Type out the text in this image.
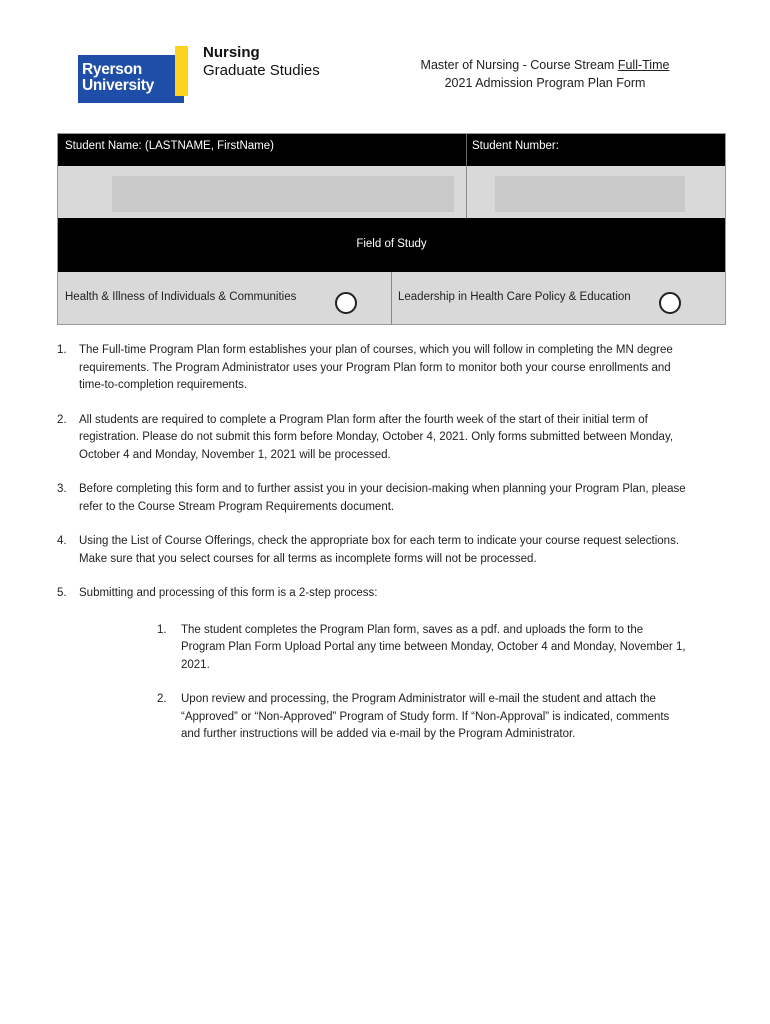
Ryerson
University
Nursing
Graduate Studies	Master of Nursing - Course Stream Full-Time
2021 Admission Program Plan Form
Student Name: (LASTNAME, FirstName)	Student Number:
Field of Study
Health & Illness of Individuals & Communities	Leadership in Health Care Policy & Education
1. The Full-time Program Plan form establishes your plan of courses, which you will follow in completing the MN degree requirements. The Program Administrator uses your Program Plan form to monitor both your course enrollments and time-to-completion requirements.
2. All students are required to complete a Program Plan form after the fourth week of the start of their initial term of registration. Please do not submit this form before Monday, October 4, 2021. Only forms submitted between Monday, October 4 and Monday, November 1, 2021 will be processed.
3. Before completing this form and to further assist you in your decision-making when planning your Program Plan, please refer to the Course Stream Program Requirements document.
4. Using the List of Course Offerings, check the appropriate box for each term to indicate your course request selections. Make sure that you select courses for all terms as incomplete forms will not be processed.
5. Submitting and processing of this form is a 2-step process:
1. The student completes the Program Plan form, saves as a pdf. and uploads the form to the Program Plan Form Upload Portal any time between Monday, October 4 and Monday, November 1, 2021.
2. Upon review and processing, the Program Administrator will e-mail the student and attach the “Approved” or “Non-Approved” Program of Study form. If “Non-Approval” is indicated, comments and further instructions will be added via e-mail by the Program Administrator.
